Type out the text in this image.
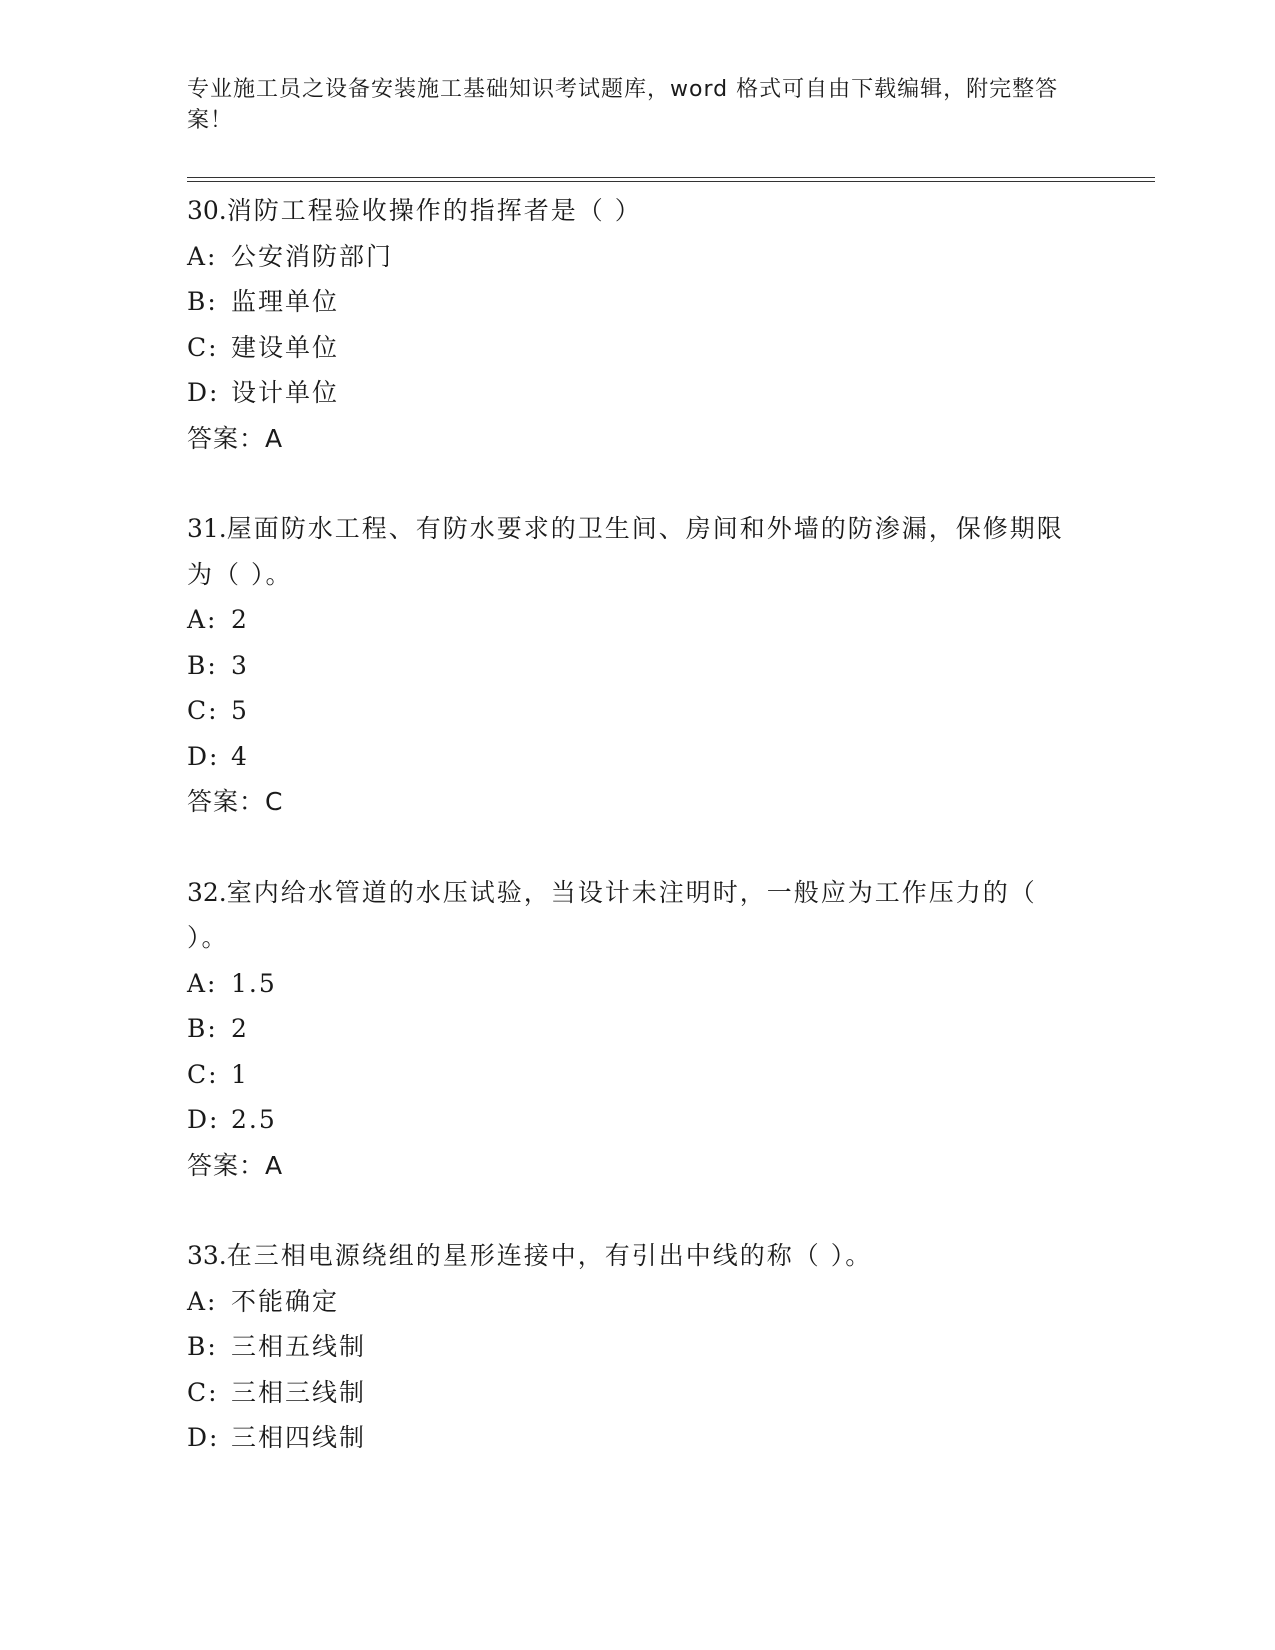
专业施工员之设备安装施工基础知识考试题库，word 格式可自由下载编辑，附完整答案！
30.消防工程验收操作的指挥者是（ ）
A: 公安消防部门
B: 监理单位
C: 建设单位
D: 设计单位
答案：A
31.屋面防水工程、有防水要求的卫生间、房间和外墙的防渗漏，保修期限为（ ）。
A: 2
B: 3
C: 5
D: 4
答案：C
32.室内给水管道的水压试验，当设计未注明时，一般应为工作压力的（ ）。
A: 1.5
B: 2
C: 1
D: 2.5
答案：A
33.在三相电源绕组的星形连接中，有引出中线的称（ ）。
A: 不能确定
B: 三相五线制
C: 三相三线制
D: 三相四线制
